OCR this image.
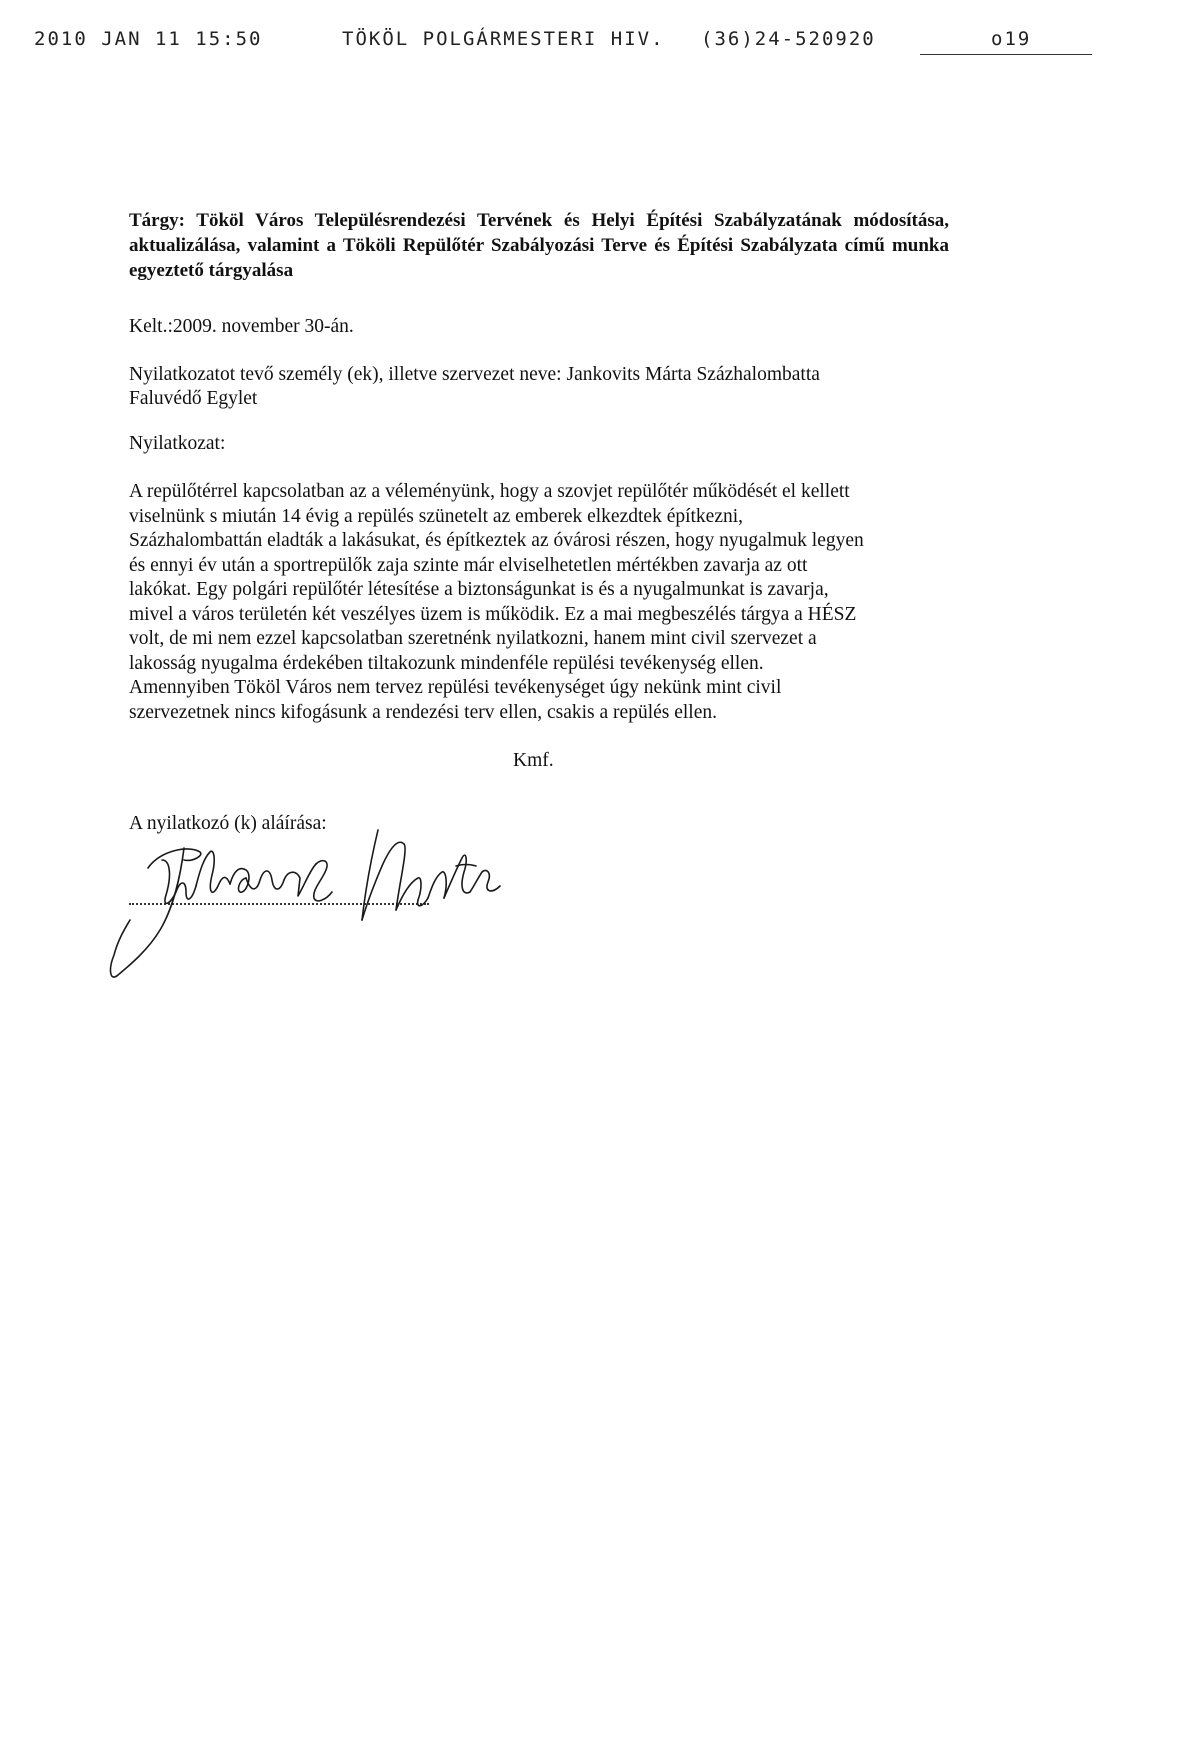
2010 JAN 11 15:50	TÖKÖL POLGÁRMESTERI HIV. (36)24-520920	o19

Tárgy: Tököl Város Településrendezési Tervének és Helyi Építési Szabályzatának módosítása, aktualizálása, valamint a Tököli Repülőtér Szabályozási Terve és Építési Szabályzata című munka egyeztető tárgyalása

Kelt.:2009. november 30-án.

Nyilatkozatot tevő személy (ek), illetve szervezet neve: Jankovits Márta Százhalombatta

Faluvédő Egylet

Nyilatkozat:

A repülőtérrel kapcsolatban az a véleményünk, hogy a szovjet repülőtér működését el kellett

viselnünk s miután 14 évig a repülés szünetelt az emberek elkezdtek építkezni,

Százhalombattán eladták a lakásukat, és építkeztek az óvárosi részen, hogy nyugalmuk legyen

és ennyi év után a sportrepülők zaja szinte már elviselhetetlen mértékben zavarja az ott

lakókat. Egy polgári repülőtér létesítése a biztonságunkat is és a nyugalmunkat is zavarja,

mivel a város területén két veszélyes üzem is működik. Ez a mai megbeszélés tárgya a HÉSZ

volt, de mi nem ezzel kapcsolatban szeretnénk nyilatkozni, hanem mint civil szervezet a

lakosság nyugalma érdekében tiltakozunk mindenféle repülési tevékenység ellen.

Amennyiben Tököl Város nem tervez repülési tevékenységet úgy nekünk mint civil

szervezetnek nincs kifogásunk a rendezési terv ellen, csakis a repülés ellen.

Kmf.
A nyilatkozó (k) aláírása:
